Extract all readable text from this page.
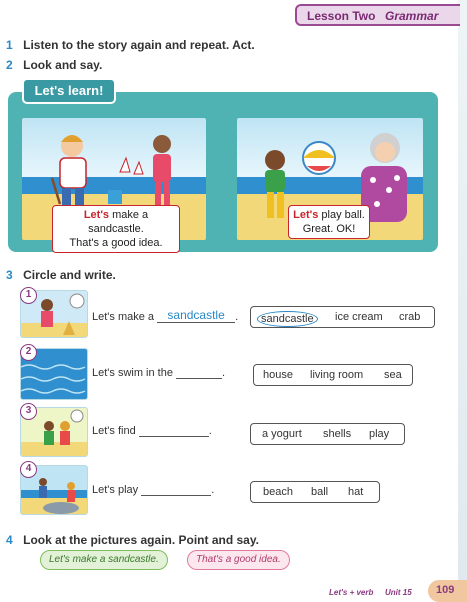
Lesson Two Grammar
1 Listen to the story again and repeat. Act.
2 Look and say.
Let's learn!
Let's make a sandcastle.
That's a good idea.
Let's play ball.
Great. OK!
3 Circle and write.
1
Let's make a sandcastle .	sandcastle	ice cream crab
2
Let's swim in the	.	house living room sea
3
Let's find	.	a yogurt shells play
4
Let's play	.	beach ball hat
4 Look at the pictures again. Point and say.
Let's make a sandcastle.	That's a good idea.
Let's + verb Unit 15 109
